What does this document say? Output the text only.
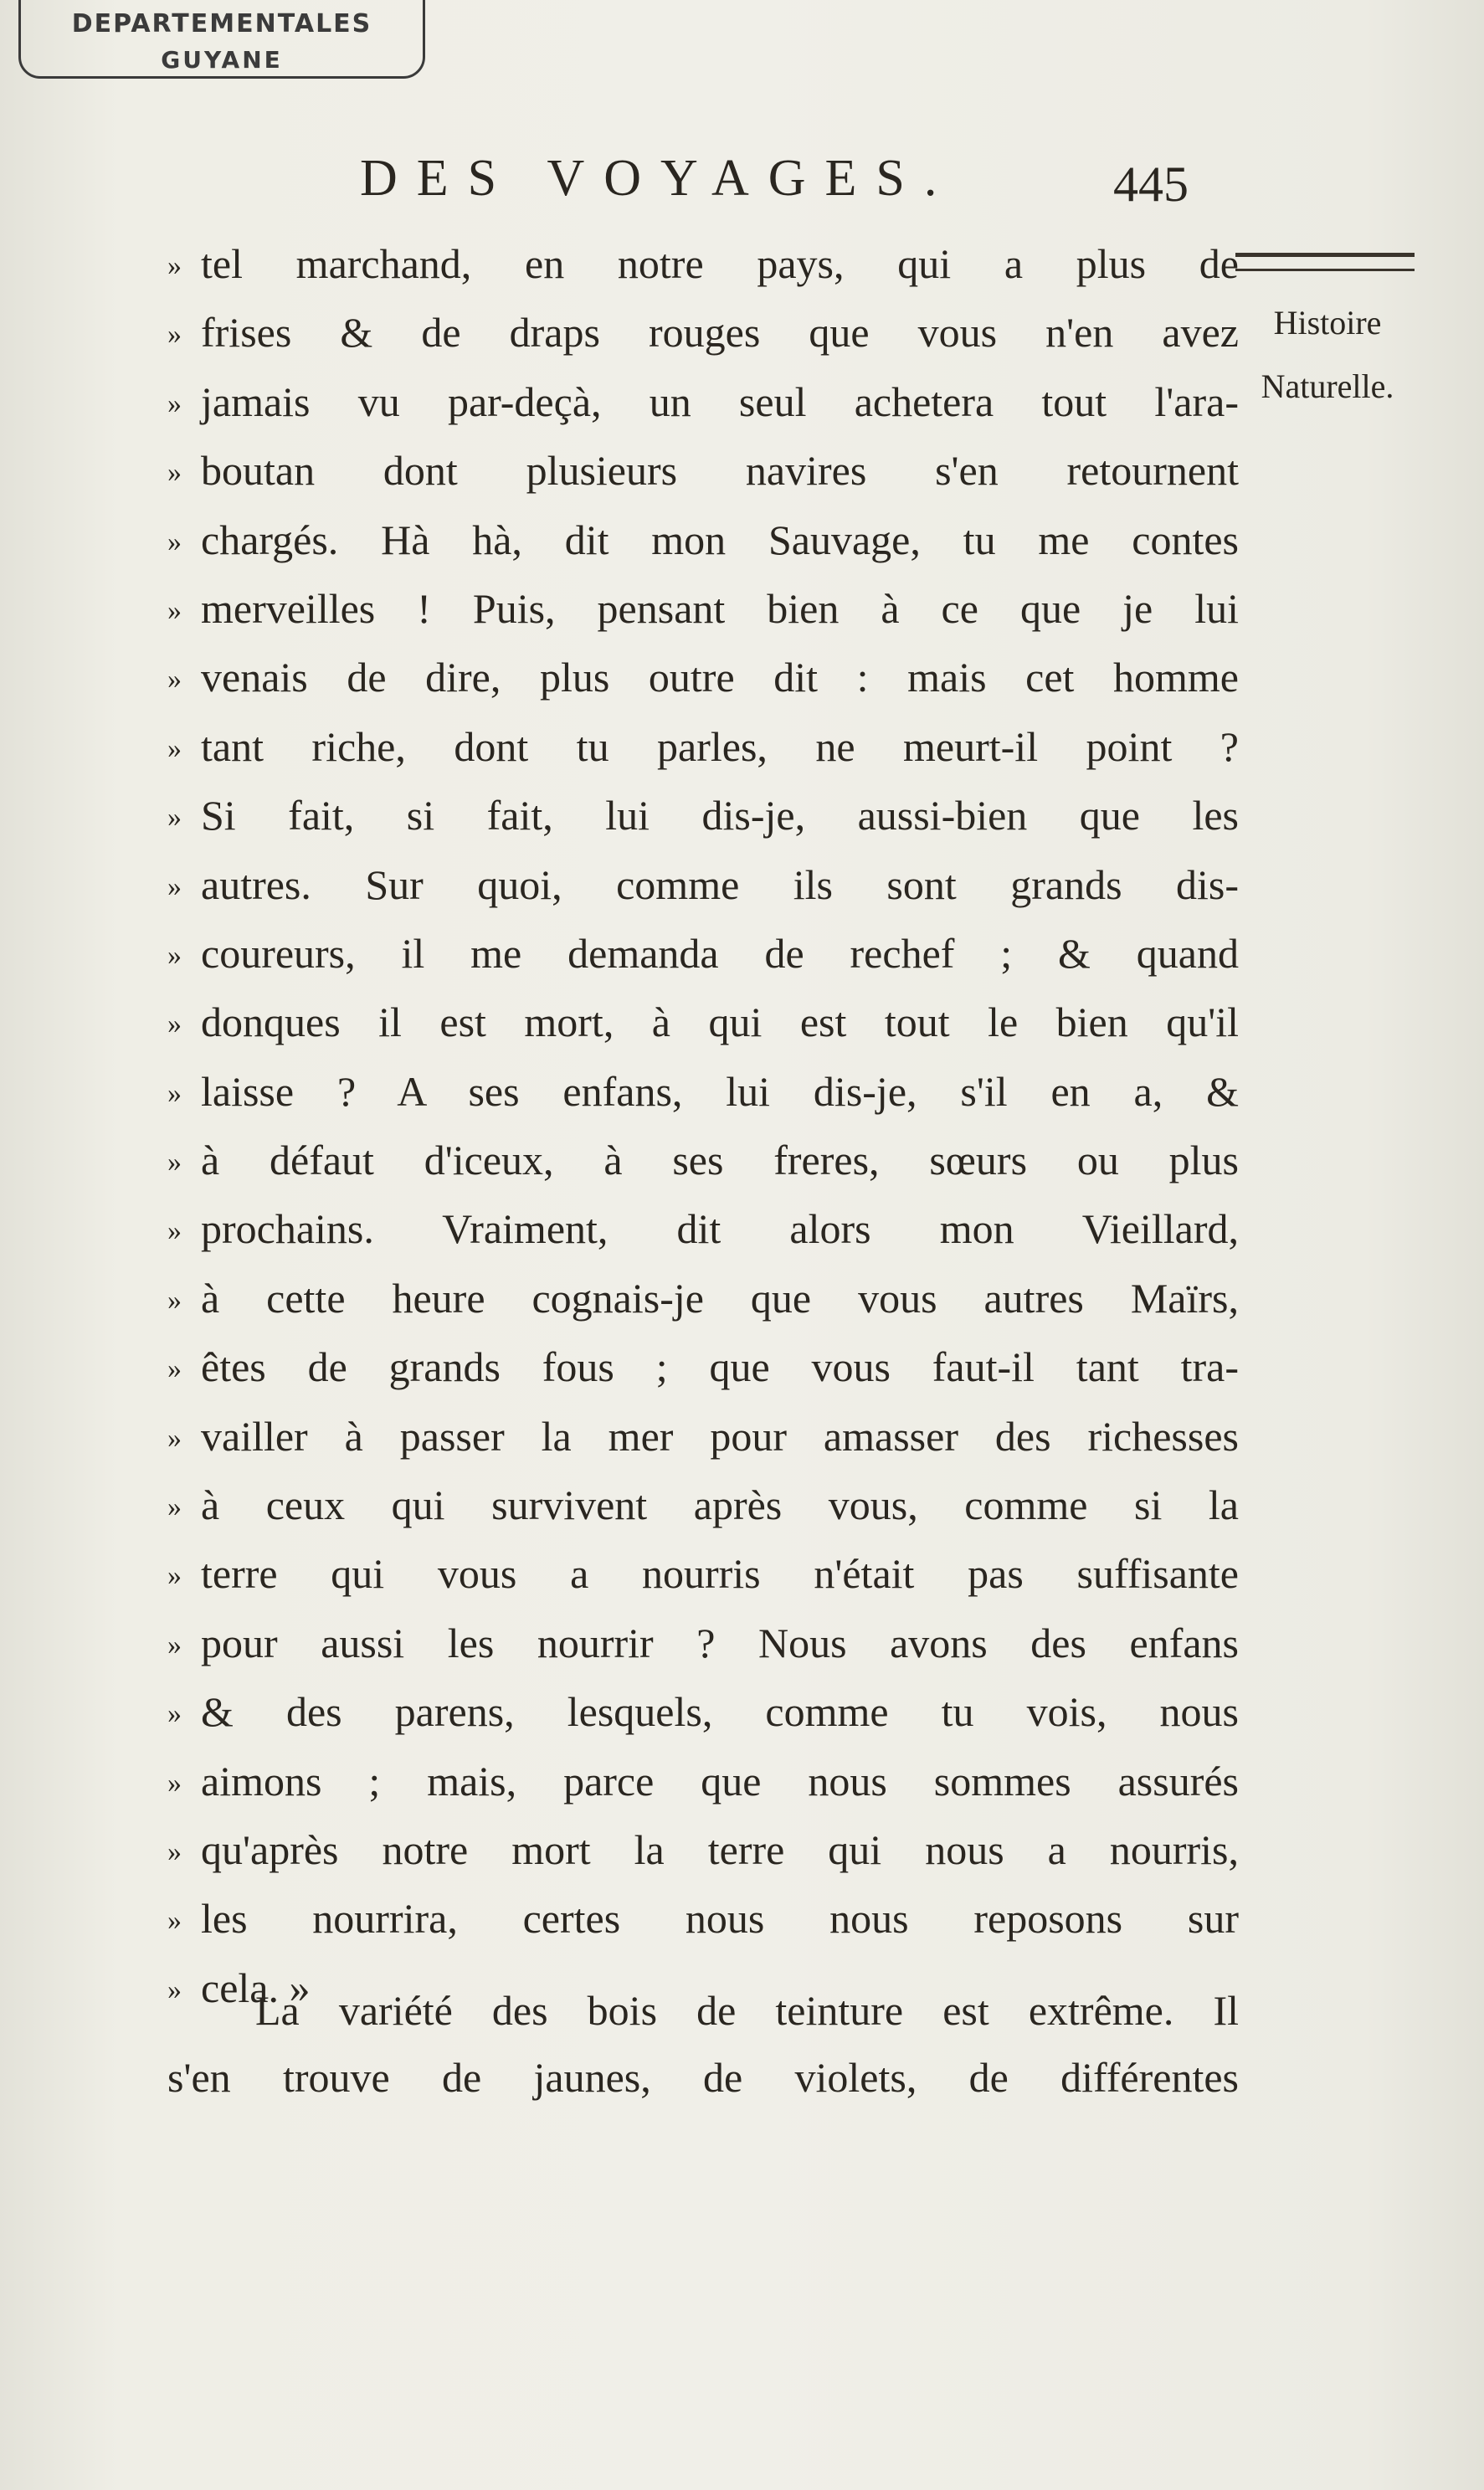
DEPARTEMENTALES
GUYANE
DES VOYAGES.	445
Histoire
Naturelle.
» tel marchand, en notre pays, qui a plus de
» frises & de draps rouges que vous n'en avez
» jamais vu par-deçà, un seul achetera tout l'ara-
» boutan dont plusieurs navires s'en retournent
» chargés. Hà hà, dit mon Sauvage, tu me contes
» merveilles ! Puis, pensant bien à ce que je lui
» venais de dire, plus outre dit : mais cet homme
» tant riche, dont tu parles, ne meurt-il point ?
» Si fait, si fait, lui dis-je, aussi-bien que les
» autres. Sur quoi, comme ils sont grands dis-
» coureurs, il me demanda de rechef ; & quand
» donques il est mort, à qui est tout le bien qu'il
» laisse ? A ses enfans, lui dis-je, s'il en a, &
» à défaut d'iceux, à ses freres, sœurs ou plus
» prochains. Vraiment, dit alors mon Vieillard,
» à cette heure cognais-je que vous autres Maïrs,
» êtes de grands fous ; que vous faut-il tant tra-
» vailler à passer la mer pour amasser des richesses
» à ceux qui survivent après vous, comme si la
» terre qui vous a nourris n'était pas suffisante
» pour aussi les nourrir ? Nous avons des enfans
» & des parens, lesquels, comme tu vois, nous
» aimons ; mais, parce que nous sommes assurés
» qu'après notre mort la terre qui nous a nourris,
» les nourrira, certes nous nous reposons sur
» cela. »
La variété des bois de teinture est extrême. Il
s'en trouve de jaunes, de violets, de différentes
